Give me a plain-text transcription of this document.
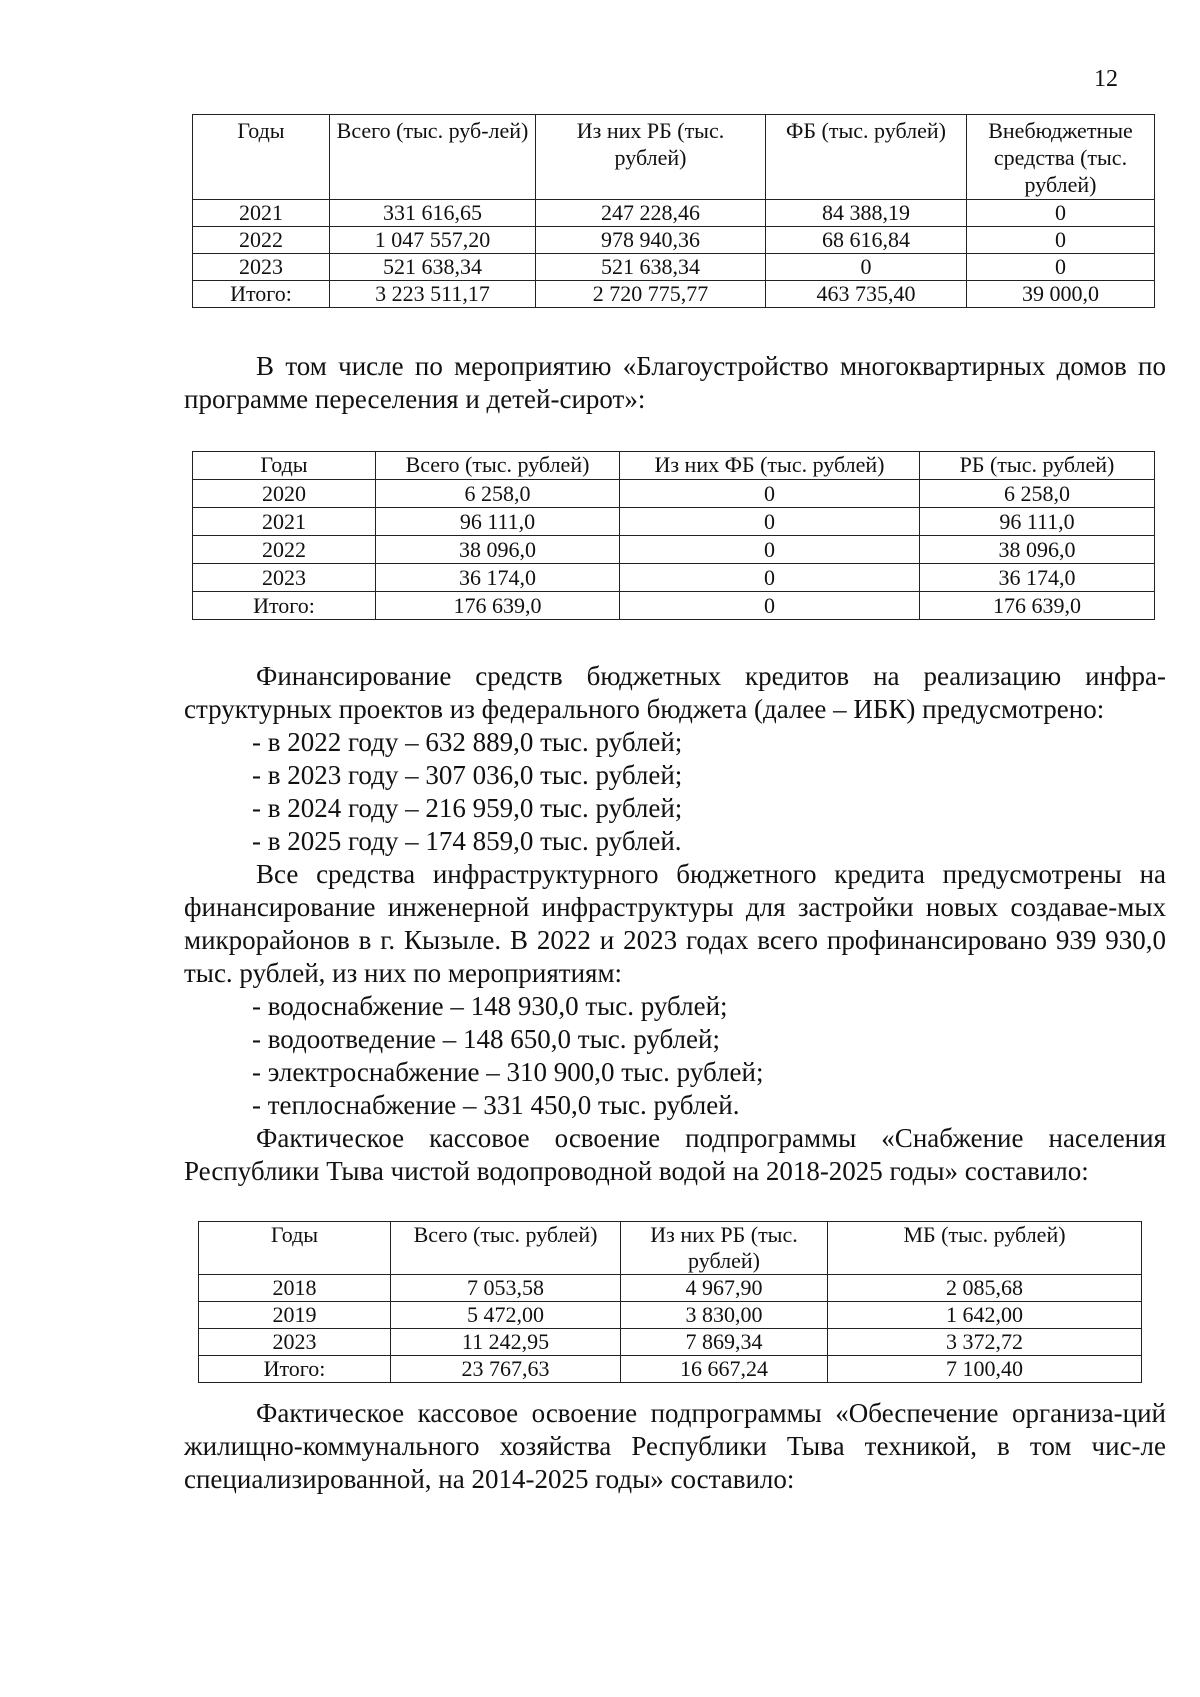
12
Годы	Всего (тыс. руб-лей)	Из них РБ (тыс. рублей)	ФБ (тыс. рублей)	Внебюджетные средства (тыс. рублей)
2021	331 616,65	247 228,46	84 388,19	0
2022	1 047 557,20	978 940,36	68 616,84	0
2023	521 638,34	521 638,34	0	0
Итого:	3 223 511,17	2 720 775,77	463 735,40	39 000,0

В том числе по мероприятию «Благоустройство многоквартирных домов по программе переселения и детей-сирот»:

Годы	Всего (тыс. рублей)	Из них ФБ (тыс. рублей)	РБ (тыс. рублей)
2020	6 258,0	0	6 258,0
2021	96 111,0	0	96 111,0
2022	38 096,0	0	38 096,0
2023	36 174,0	0	36 174,0
Итого:	176 639,0	0	176 639,0

Финансирование средств бюджетных кредитов на реализацию инфра-структурных проектов из федерального бюджета (далее – ИБК) предусмотрено:

- в 2022 году – 632 889,0 тыс. рублей;

- в 2023 году – 307 036,0 тыс. рублей;

- в 2024 году – 216 959,0 тыс. рублей;

- в 2025 году – 174 859,0 тыс. рублей.

Все средства инфраструктурного бюджетного кредита предусмотрены на финансирование инженерной инфраструктуры для застройки новых создавае-мых микрорайонов в г. Кызыле. В 2022 и 2023 годах всего профинансировано 939 930,0 тыс. рублей, из них по мероприятиям:

- водоснабжение – 148 930,0 тыс. рублей;

- водоотведение – 148 650,0 тыс. рублей;

- электроснабжение – 310 900,0 тыс. рублей;

- теплоснабжение – 331 450,0 тыс. рублей.

Фактическое кассовое освоение подпрограммы «Снабжение населения Республики Тыва чистой водопроводной водой на 2018-2025 годы» составило:

Годы	Всего (тыс. рублей)	Из них РБ (тыс. рублей)	МБ (тыс. рублей)
2018	7 053,58	4 967,90	2 085,68
2019	5 472,00	3 830,00	1 642,00
2023	11 242,95	7 869,34	3 372,72
Итого:	23 767,63	16 667,24	7 100,40

Фактическое кассовое освоение подпрограммы «Обеспечение организа-ций жилищно-коммунального хозяйства Республики Тыва техникой, в том чис-ле специализированной, на 2014-2025 годы» составило:
